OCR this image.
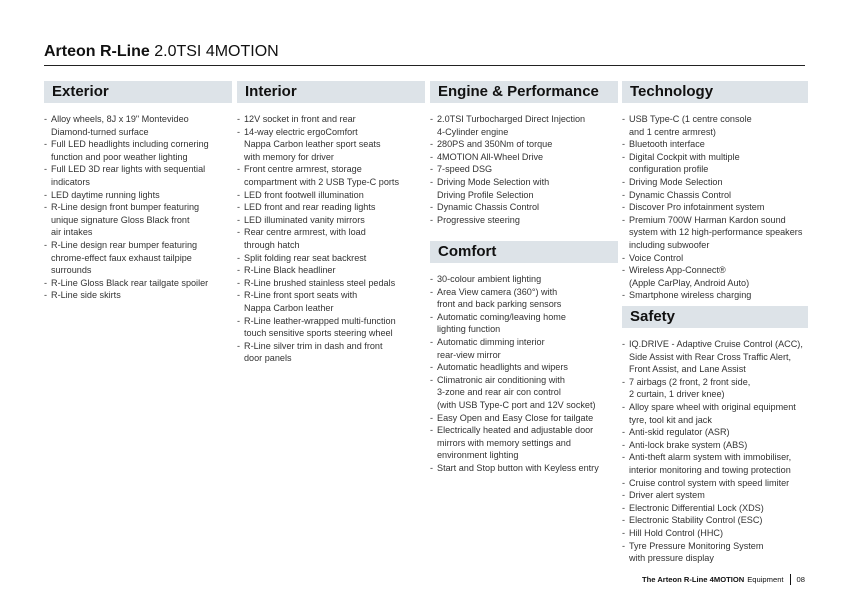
Arteon R-Line 2.0TSI 4MOTION
Exterior
- Alloy wheels, 8J x 19" Montevideo
Diamond-turned surface
- Full LED headlights including cornering
function and poor weather lighting
- Full LED 3D rear lights with sequential
indicators
- LED daytime running lights
- R-Line design front bumper featuring
unique signature Gloss Black front
air intakes
- R-Line design rear bumper featuring
chrome-effect faux exhaust tailpipe
surrounds
- R-Line Gloss Black rear tailgate spoiler
- R-Line side skirts
Interior
- 12V socket in front and rear
- 14-way electric ergoComfort
Nappa Carbon leather sport seats
with memory for driver
- Front centre armrest, storage
compartment with 2 USB Type-C ports
- LED front footwell illumination
- LED front and rear reading lights
- LED illuminated vanity mirrors
- Rear centre armrest, with load
through hatch
- Split folding rear seat backrest
- R-Line Black headliner
- R-Line brushed stainless steel pedals
- R-Line front sport seats with
Nappa Carbon leather
- R-Line leather-wrapped multi-function
touch sensitive sports steering wheel
- R-Line silver trim in dash and front
door panels
Engine & Performance
- 2.0TSI Turbocharged Direct Injection
4-Cylinder engine
- 280PS and 350Nm of torque
- 4MOTION All-Wheel Drive
- 7-speed DSG
- Driving Mode Selection with
Driving Profile Selection
- Dynamic Chassis Control
- Progressive steering
Comfort
- 30-colour ambient lighting
- Area View camera (360°) with
front and back parking sensors
- Automatic coming/leaving home
lighting function
- Automatic dimming interior
rear-view mirror
- Automatic headlights and wipers
- Climatronic air conditioning with
3-zone and rear air con control
(with USB Type-C port and 12V socket)
- Easy Open and Easy Close for tailgate
- Electrically heated and adjustable door
mirrors with memory settings and
environment lighting
- Start and Stop button with Keyless entry
Technology
- USB Type-C (1 centre console
and 1 centre armrest)
- Bluetooth interface
- Digital Cockpit with multiple
configuration profile
- Driving Mode Selection
- Dynamic Chassis Control
- Discover Pro infotainment system
- Premium 700W Harman Kardon sound
system with 12 high-performance speakers
including subwoofer
- Voice Control
- Wireless App-Connect®
(Apple CarPlay, Android Auto)
- Smartphone wireless charging
Safety
- IQ.DRIVE - Adaptive Cruise Control (ACC),
Side Assist with Rear Cross Traffic Alert,
Front Assist, and Lane Assist
- 7 airbags (2 front, 2 front side,
2 curtain, 1 driver knee)
- Alloy spare wheel with original equipment
tyre, tool kit and jack
- Anti-skid regulator (ASR)
- Anti-lock brake system (ABS)
- Anti-theft alarm system with immobiliser,
interior monitoring and towing protection
- Cruise control system with speed limiter
- Driver alert system
- Electronic Differential Lock (XDS)
- Electronic Stability Control (ESC)
- Hill Hold Control (HHC)
- Tyre Pressure Monitoring System
with pressure display
The Arteon R-Line 4MOTION Equipment 08
